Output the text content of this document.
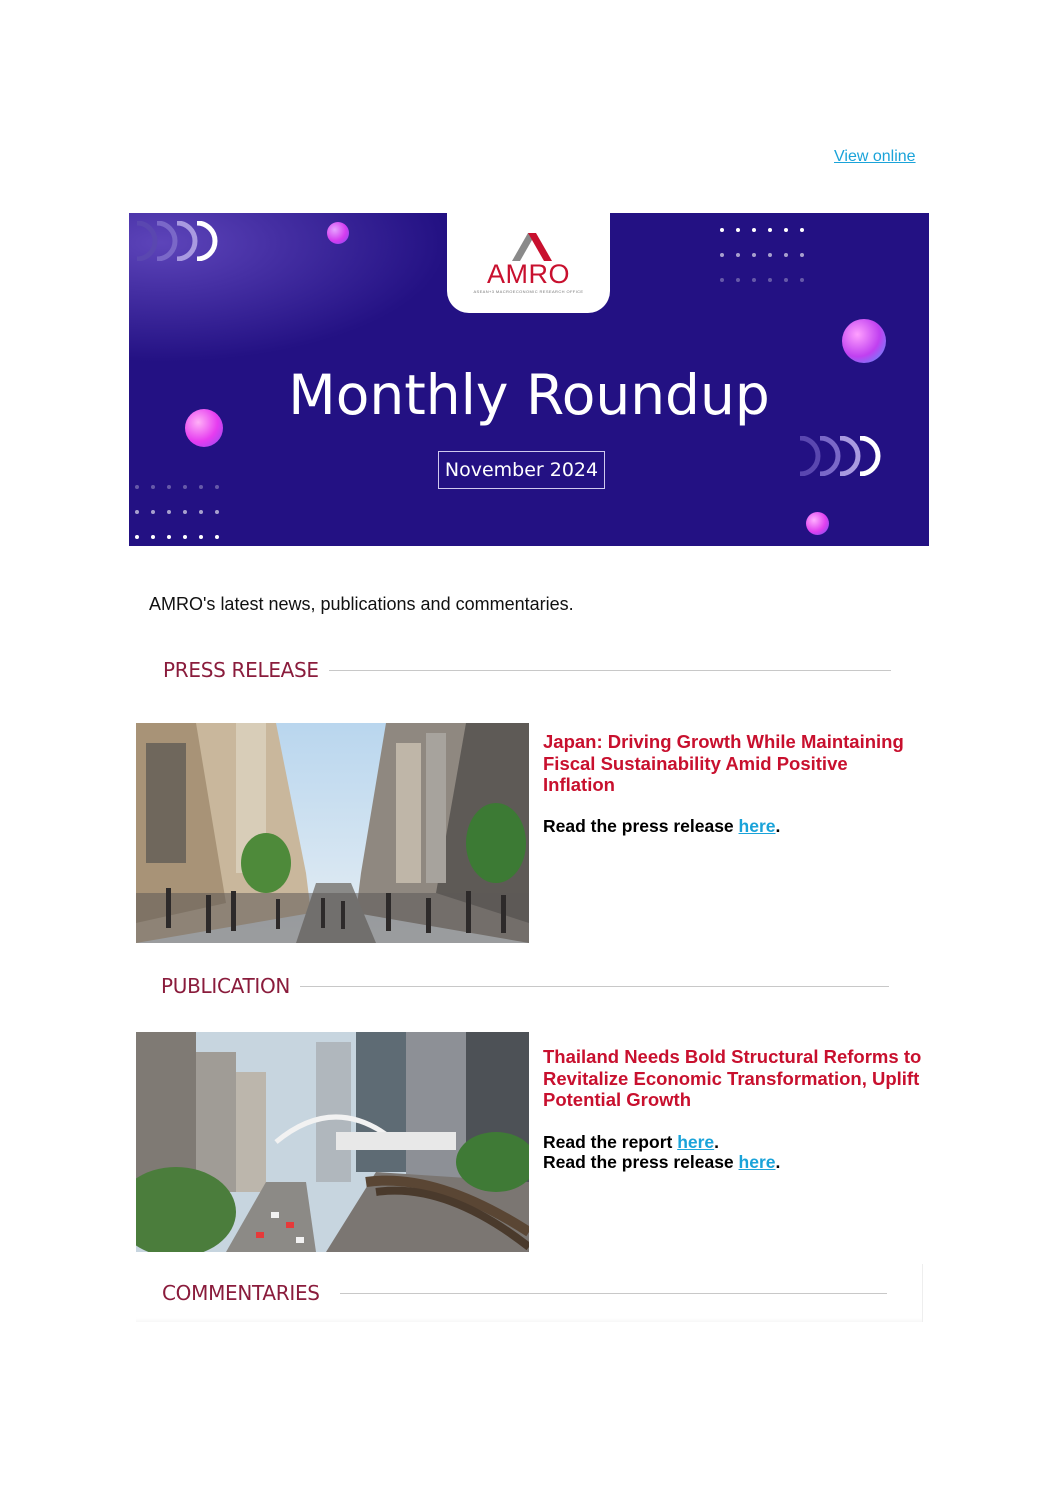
View online
AMRO
ASEAN+3 MACROECONOMIC RESEARCH OFFICE
Monthly Roundup
November 2024
AMRO's latest news, publications and commentaries.
PRESS RELEASE
Japan: Driving Growth While Maintaining Fiscal Sustainability Amid Positive Inflation
Read the press release here.
PUBLICATION
Thailand Needs Bold Structural Reforms to Revitalize Economic Transformation, Uplift Potential Growth
Read the report here.
Read the press release here.
COMMENTARIES
